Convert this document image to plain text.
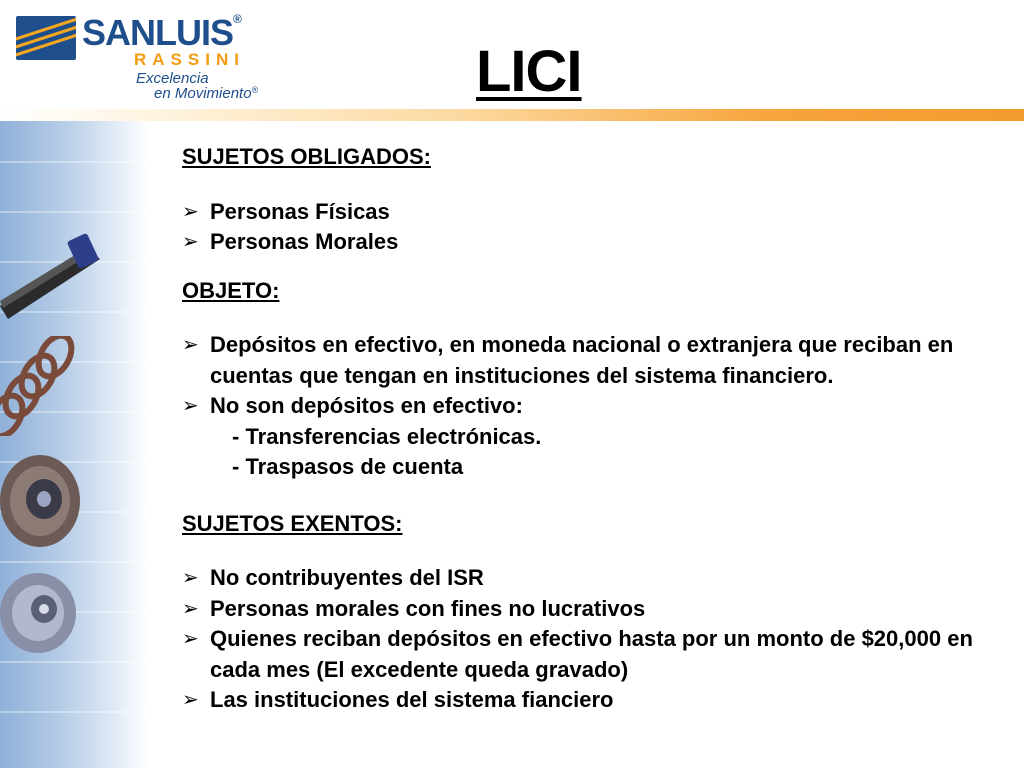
SANLUIS®
RASSINI
Excelencia
en Movimiento®	LICI
SUJETOS OBLIGADOS:
➢ Personas Físicas
➢ Personas Morales
OBJETO:
➢ Depósitos en efectivo, en moneda nacional o extranjera que reciban en cuentas que tengan en instituciones del sistema financiero.
➢ No son depósitos en efectivo:
- Transferencias electrónicas.
- Traspasos de cuenta
SUJETOS EXENTOS:
➢ No contribuyentes del ISR
➢ Personas morales con fines no lucrativos
➢ Quienes reciban depósitos en efectivo hasta por un monto de $20,000 en cada mes (El excedente queda gravado)
➢ Las instituciones del sistema fianciero
